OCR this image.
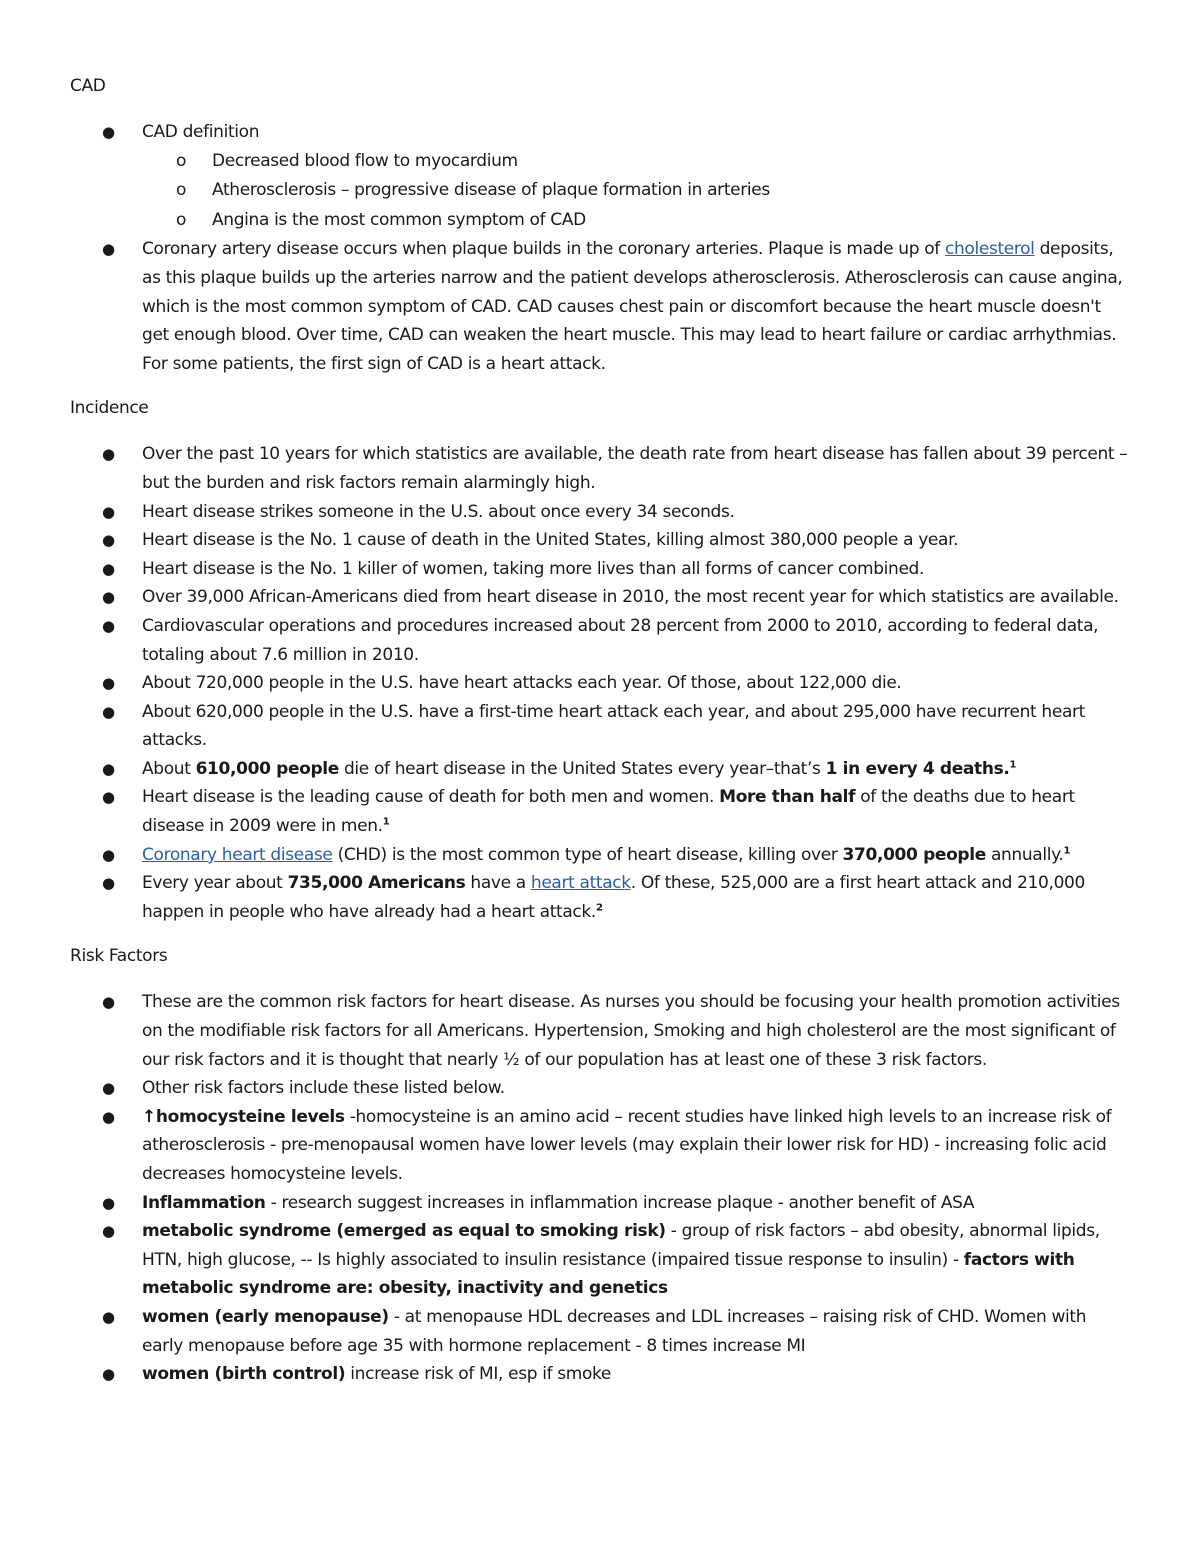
CAD
● CAD definition
o Decreased blood flow to myocardium
o Atherosclerosis – progressive disease of plaque formation in arteries
o Angina is the most common symptom of CAD
● Coronary artery disease occurs when plaque builds in the coronary arteries. Plaque is made up of cholesterol deposits, as this plaque builds up the arteries narrow and the patient develops atherosclerosis. Atherosclerosis can cause angina, which is the most common symptom of CAD. CAD causes chest pain or discomfort because the heart muscle doesn't get enough blood. Over time, CAD can weaken the heart muscle. This may lead to heart failure or cardiac arrhythmias. For some patients, the first sign of CAD is a heart attack.
Incidence
● Over the past 10 years for which statistics are available, the death rate from heart disease has fallen about 39 percent – but the burden and risk factors remain alarmingly high.
● Heart disease strikes someone in the U.S. about once every 34 seconds.
● Heart disease is the No. 1 cause of death in the United States, killing almost 380,000 people a year.
● Heart disease is the No. 1 killer of women, taking more lives than all forms of cancer combined.
● Over 39,000 African-Americans died from heart disease in 2010, the most recent year for which statistics are available.
● Cardiovascular operations and procedures increased about 28 percent from 2000 to 2010, according to federal data, totaling about 7.6 million in 2010.
● About 720,000 people in the U.S. have heart attacks each year. Of those, about 122,000 die.
● About 620,000 people in the U.S. have a first-time heart attack each year, and about 295,000 have recurrent heart attacks.
● About 610,000 people die of heart disease in the United States every year–that’s 1 in every 4 deaths.$^1$
● Heart disease is the leading cause of death for both men and women. More than half of the deaths due to heart disease in 2009 were in men.$^1$
● Coronary heart disease (CHD) is the most common type of heart disease, killing over 370,000 people annually.$^1$
● Every year about 735,000 Americans have a heart attack. Of these, 525,000 are a first heart attack and 210,000 happen in people who have already had a heart attack.$^2$
Risk Factors
● These are the common risk factors for heart disease. As nurses you should be focusing your health promotion activities on the modifiable risk factors for all Americans. Hypertension, Smoking and high cholesterol are the most significant of our risk factors and it is thought that nearly ½ of our population has at least one of these 3 risk factors.
● Other risk factors include these listed below.
● ↑homocysteine levels -homocysteine is an amino acid – recent studies have linked high levels to an increase risk of atherosclerosis - pre-menopausal women have lower levels (may explain their lower risk for HD) - increasing folic acid decreases homocysteine levels.
● Inflammation - research suggest increases in inflammation increase plaque - another benefit of ASA
● metabolic syndrome (emerged as equal to smoking risk) - group of risk factors – abd obesity, abnormal lipids, HTN, high glucose, -- Is highly associated to insulin resistance (impaired tissue response to insulin) - factors with metabolic syndrome are: obesity, inactivity and genetics
● women (early menopause) - at menopause HDL decreases and LDL increases – raising risk of CHD. Women with early menopause before age 35 with hormone replacement - 8 times increase MI
● women (birth control) increase risk of MI, esp if smoke
